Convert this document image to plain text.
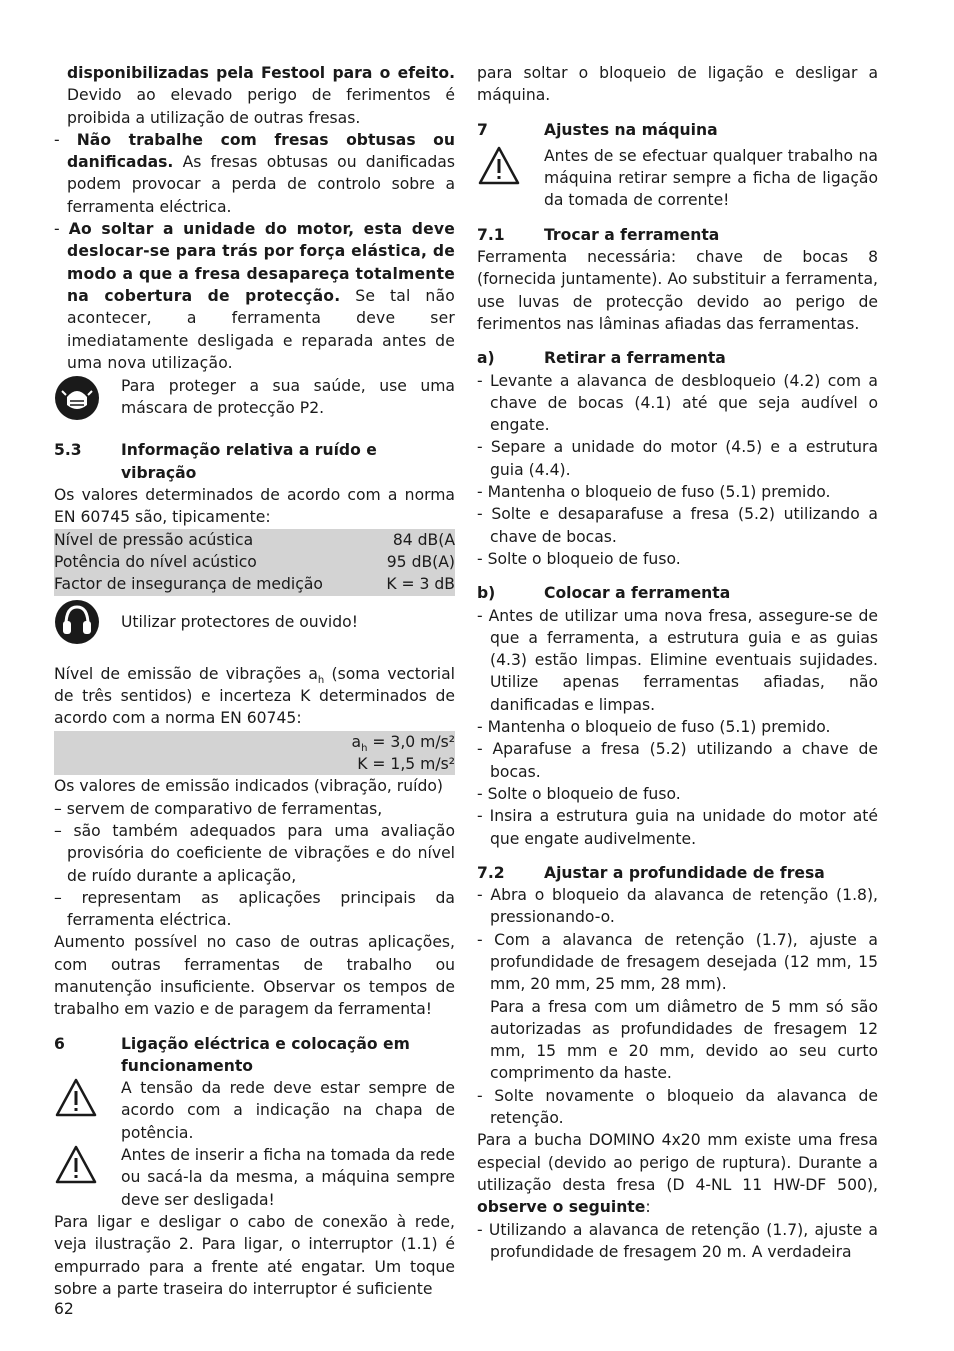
disponibilizadas pela Festool para o efeito. Devido ao elevado perigo de ferimentos é proibida a utilização de outras fresas.

- Não trabalhe com fresas obtusas ou danificadas. As fresas obtusas ou danificadas podem provocar a perda de controlo sobre a ferramenta eléctrica.

- Ao soltar a unidade do motor, esta deve deslocar-se para trás por força elástica, de modo a que a fresa desapareça totalmente na cobertura de protecção. Se tal não acontecer, a ferramenta deve ser imediatamente desligada e reparada antes de uma nova utilização.

Para proteger a sua saúde, use uma máscara de protecção P2.

5.3	Informação relativa a ruído e vibração

Os valores determinados de acordo com a norma EN 60745 são, tipicamente:

Nível de pressão acústica	84 dB(A
Potência do nível acústico	95 dB(A)
Factor de insegurança de medição	K = 3 dB

Utilizar protectores de ouvido!

Nível de emissão de vibrações $a_h$ (soma vectorial de três sentidos) e incerteza K determinados de acordo com a norma EN 60745:

$a_h = 3,0$ m/s²
K = 1,5 m/s²

Os valores de emissão indicados (vibração, ruído)

– servem de comparativo de ferramentas,

– são também adequados para uma avaliação provisória do coeficiente de vibrações e do nível de ruído durante a aplicação,

– representam as aplicações principais da ferramenta eléctrica.

Aumento possível no caso de outras aplicações, com outras ferramentas de trabalho ou manutenção insuficiente. Observar os tempos de trabalho em vazio e de paragem da ferramenta!

6	Ligação eléctrica e colocação em funcionamento

A tensão da rede deve estar sempre de acordo com a indicação na chapa de potência.

Antes de inserir a ficha na tomada da rede ou sacá-la da mesma, a máquina sempre deve ser desligada!

Para ligar e desligar o cabo de conexão à rede, veja ilustração 2. Para ligar, o interruptor (1.1) é empurrado para a frente até engatar. Um toque sobre a parte traseira do interruptor é suficiente

para soltar o bloqueio de ligação e desligar a máquina.

7	Ajustes na máquina

Antes de se efectuar qualquer trabalho na máquina retirar sempre a ficha de ligação da tomada de corrente!

7.1	Trocar a ferramenta

Ferramenta necessária: chave de bocas 8 (fornecida juntamente). Ao substituir a ferramenta, use luvas de protecção devido ao perigo de ferimentos nas lâminas afiadas das ferramentas.

a)	Retirar a ferramenta

- Levante a alavanca de desbloqueio (4.2) com a chave de bocas (4.1) até que seja audível o engate.

- Separe a unidade do motor (4.5) e a estrutura guia (4.4).

- Mantenha o bloqueio de fuso (5.1) premido.

- Solte e desaparafuse a fresa (5.2) utilizando a chave de bocas.

- Solte o bloqueio de fuso.

b)	Colocar a ferramenta

- Antes de utilizar uma nova fresa, assegure-se de que a ferramenta, a estrutura guia e as guias (4.3) estão limpas. Elimine eventuais sujidades. Utilize apenas ferramentas afiadas, não danificadas e limpas.

- Mantenha o bloqueio de fuso (5.1) premido.

- Aparafuse a fresa (5.2) utilizando a chave de bocas.

- Solte o bloqueio de fuso.

- Insira a estrutura guia na unidade do motor até que engate audivelmente.

7.2	Ajustar a profundidade de fresa

- Abra o bloqueio da alavanca de retenção (1.8), pressionando-o.

- Com a alavanca de retenção (1.7), ajuste a profundidade de fresagem desejada (12 mm, 15 mm, 20 mm, 25 mm, 28 mm).

Para a fresa com um diâmetro de 5 mm só são autorizadas as profundidades de fresagem 12 mm, 15 mm e 20 mm, devido ao seu curto comprimento da haste.

- Solte novamente o bloqueio da alavanca de retenção.

Para a bucha DOMINO 4x20 mm existe uma fresa especial (devido ao perigo de ruptura). Durante a utilização desta fresa (D 4-NL 11 HW-DF 500), observe o seguinte:

- Utilizando a alavanca de retenção (1.7), ajuste a profundidade de fresagem 20 m. A verdadeira

62
